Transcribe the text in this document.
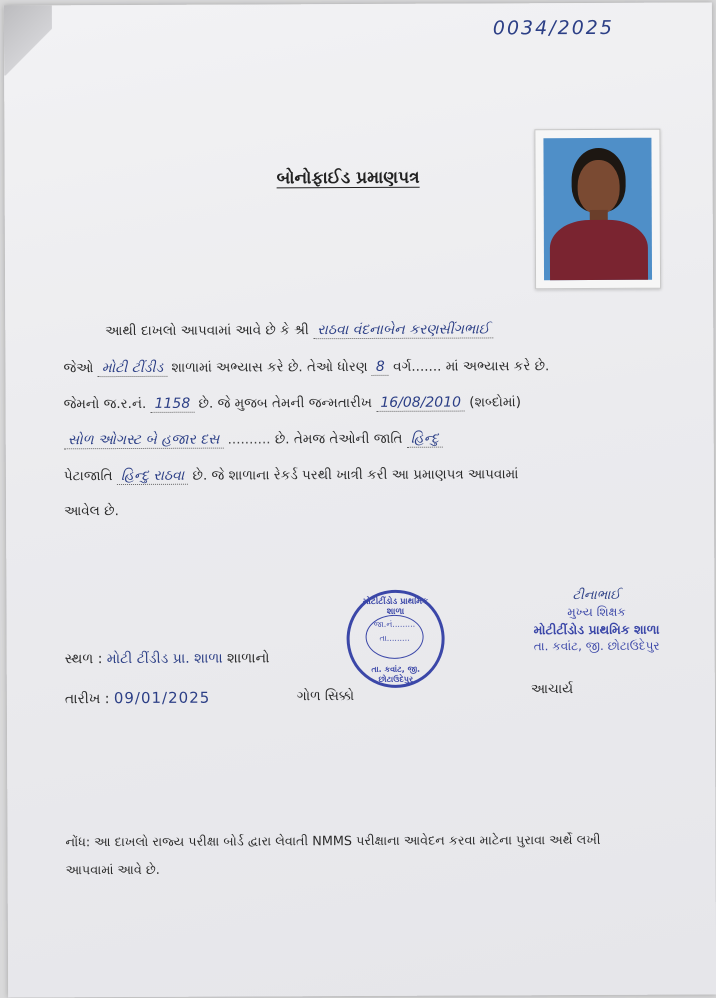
0034/2025
બોનોફાઈડ પ્રમાણપત્ર
આથી દાખલો આપવામાં આવે છે કે શ્રી રાઠવા વંદનાબેન કરણસીંગભાઈ
જેઓ મોટી ટીંડીડ શાળામાં અભ્યાસ કરે છે. તેઓ ધોરણ 8 વર્ગ....... માં અભ્યાસ કરે છે.
જેમનો જ.ર.નં. 1158 છે. જે મુજબ તેમની જન્મતારીખ 16/08/2010 (શબ્દોમાં)
સોળ ઓગસ્ટ બે હજાર દસ .......... છે. તેમજ તેઓની જાતિ હિન્દુ
પેટાજાતિ હિન્દુ રાઠવા છે. જે શાળાના રેકર્ડ પરથી ખાત્રી કરી આ પ્રમાણપત્ર આપવામાં
આવેલ છે.
મોટીટીંડોડ પ્રાથમિક શાળા
જા.નં.........
તા.........
તા. કવાંટ, જી. છોટાઉદેપુર
ટીનાભાઈ
મુખ્ય શિક્ષક
મોટીટીંડોડ પ્રાથમિક શાળા
તા. કવાંટ, જી. છોટાઉદેપુર
આચાર્ય
સ્થળ : મોટી ટીંડીડ પ્રા. શાળા શાળાનો
તારીખ : 09/01/2025	ગોળ સિક્કો
નોંધ: આ દાખલો રાજ્ય પરીક્ષા બોર્ડ દ્વારા લેવાતી NMMS પરીક્ષાના આવેદન કરવા માટેના પુરાવા અર્થે લખી
આપવામાં આવે છે.
